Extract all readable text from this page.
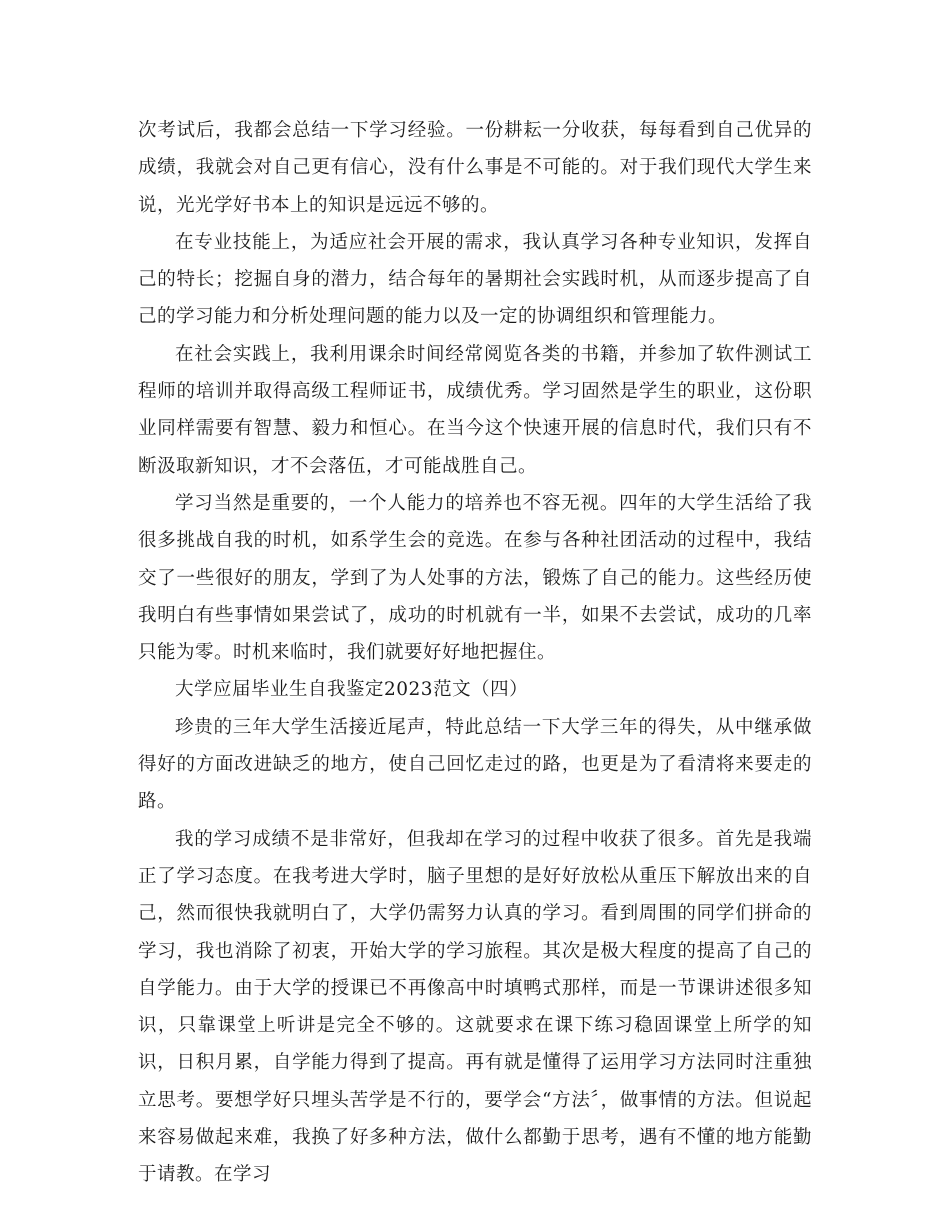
次考试后，我都会总结一下学习经验。一份耕耘一分收获，每每看到自己优异的成绩，我就会对自己更有信心，没有什么事是不可能的。对于我们现代大学生来说，光光学好书本上的知识是远远不够的。

在专业技能上，为适应社会开展的需求，我认真学习各种专业知识，发挥自己的特长；挖掘自身的潜力，结合每年的暑期社会实践时机，从而逐步提高了自己的学习能力和分析处理问题的能力以及一定的协调组织和管理能力。

在社会实践上，我利用课余时间经常阅览各类的书籍，并参加了软件测试工程师的培训并取得高级工程师证书，成绩优秀。学习固然是学生的职业，这份职业同样需要有智慧、毅力和恒心。在当今这个快速开展的信息时代，我们只有不断汲取新知识，才不会落伍，才可能战胜自己。

学习当然是重要的，一个人能力的培养也不容无视。四年的大学生活给了我很多挑战自我的时机，如系学生会的竞选。在参与各种社团活动的过程中，我结交了一些很好的朋友，学到了为人处事的方法，锻炼了自己的能力。这些经历使我明白有些事情如果尝试了，成功的时机就有一半，如果不去尝试，成功的几率只能为零。时机来临时，我们就要好好地把握住。

大学应届毕业生自我鉴定2023范文（四）

珍贵的三年大学生活接近尾声，特此总结一下大学三年的得失，从中继承做得好的方面改进缺乏的地方，使自己回忆走过的路，也更是为了看清将来要走的路。

我的学习成绩不是非常好，但我却在学习的过程中收获了很多。首先是我端正了学习态度。在我考进大学时，脑子里想的是好好放松从重压下解放出来的自己，然而很快我就明白了，大学仍需努力认真的学习。看到周围的同学们拼命的学习，我也消除了初衷，开始大学的学习旅程。其次是极大程度的提高了自己的自学能力。由于大学的授课已不再像高中时填鸭式那样，而是一节课讲述很多知识，只靠课堂上听讲是完全不够的。这就要求在课下练习稳固课堂上所学的知识，日积月累，自学能力得到了提高。再有就是懂得了运用学习方法同时注重独立思考。要想学好只埋头苦学是不行的，要学会“方法〞，做事情的方法。但说起来容易做起来难，我换了好多种方法，做什么都勤于思考，遇有不懂的地方能勤于请教。在学习
